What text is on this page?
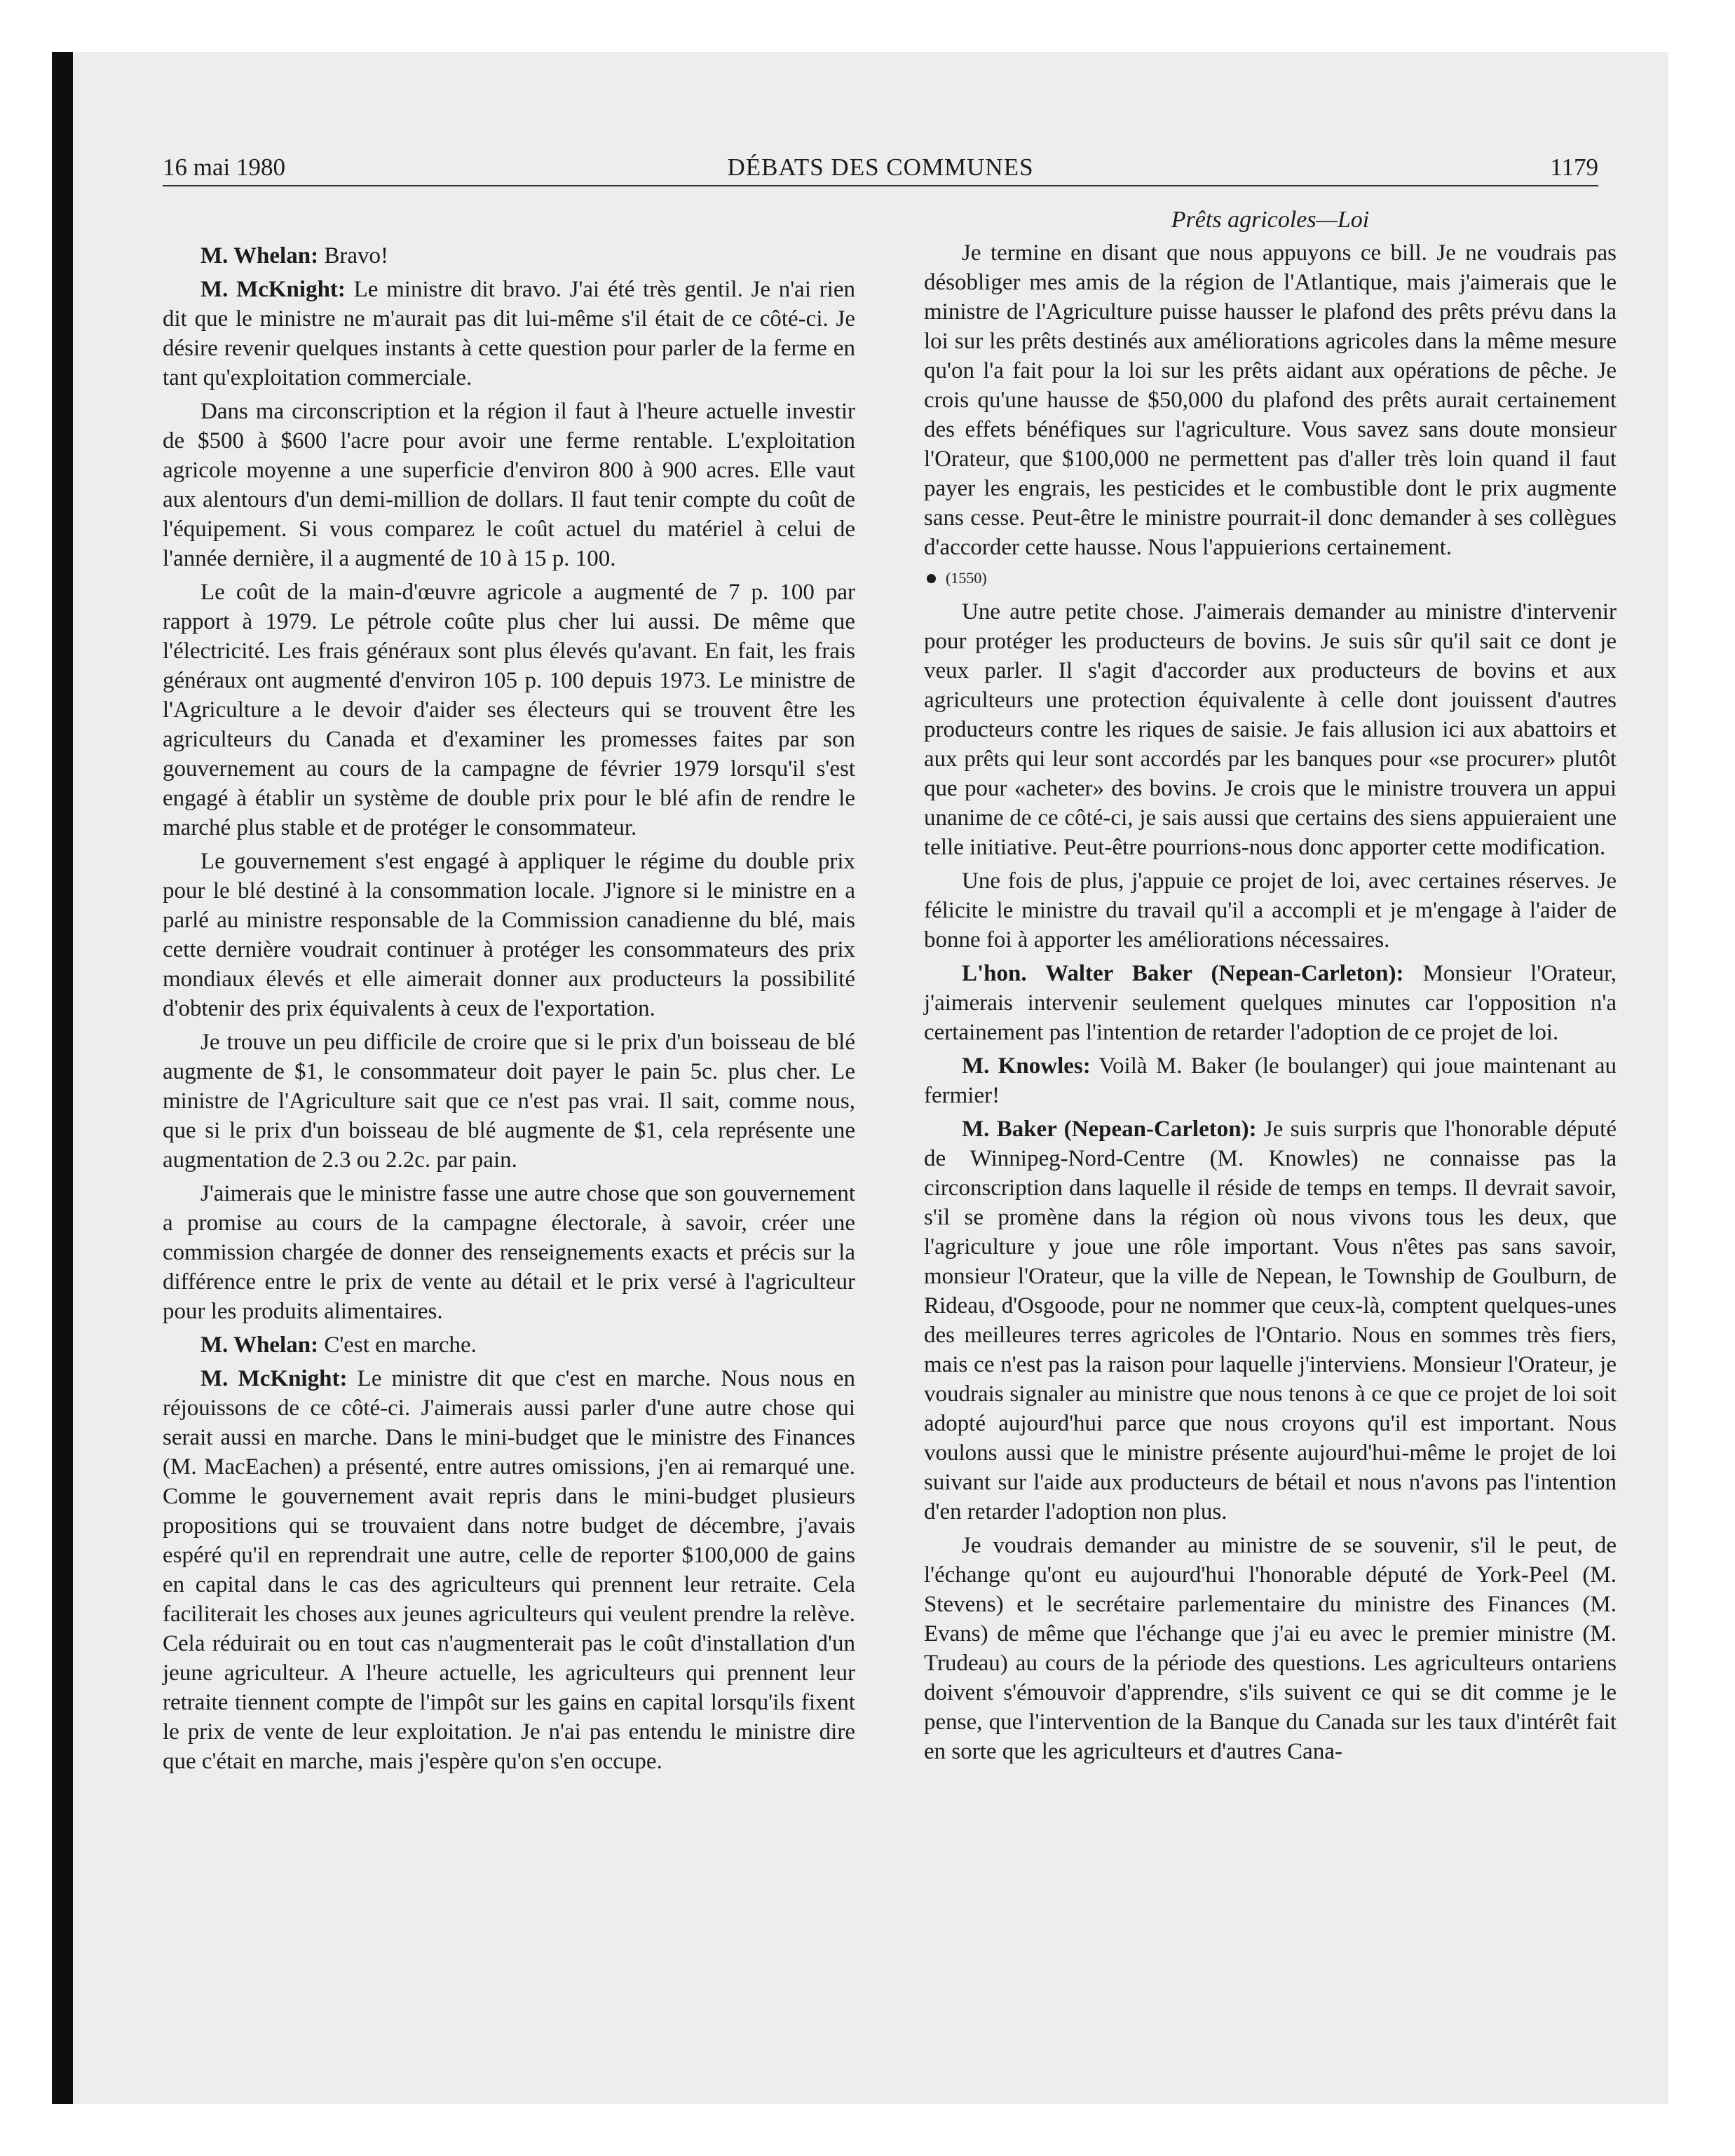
16 mai 1980	DÉBATS DES COMMUNES	1179

M. Whelan: Bravo!

M. McKnight: Le ministre dit bravo. J'ai été très gentil. Je n'ai rien dit que le ministre ne m'aurait pas dit lui-même s'il était de ce côté-ci. Je désire revenir quelques instants à cette question pour parler de la ferme en tant qu'exploitation commerciale.

Dans ma circonscription et la région il faut à l'heure actuelle investir de $500 à $600 l'acre pour avoir une ferme rentable. L'exploitation agricole moyenne a une superficie d'environ 800 à 900 acres. Elle vaut aux alentours d'un demi-million de dollars. Il faut tenir compte du coût de l'équipement. Si vous comparez le coût actuel du matériel à celui de l'année dernière, il a augmenté de 10 à 15 p. 100.

Le coût de la main-d'œuvre agricole a augmenté de 7 p. 100 par rapport à 1979. Le pétrole coûte plus cher lui aussi. De même que l'électricité. Les frais généraux sont plus élevés qu'avant. En fait, les frais généraux ont augmenté d'environ 105 p. 100 depuis 1973. Le ministre de l'Agriculture a le devoir d'aider ses électeurs qui se trouvent être les agriculteurs du Canada et d'examiner les promesses faites par son gouvernement au cours de la campagne de février 1979 lorsqu'il s'est engagé à établir un système de double prix pour le blé afin de rendre le marché plus stable et de protéger le consommateur.

Le gouvernement s'est engagé à appliquer le régime du double prix pour le blé destiné à la consommation locale. J'ignore si le ministre en a parlé au ministre responsable de la Commission canadienne du blé, mais cette dernière voudrait continuer à protéger les consommateurs des prix mondiaux élevés et elle aimerait donner aux producteurs la possibilité d'obtenir des prix équivalents à ceux de l'exportation.

Je trouve un peu difficile de croire que si le prix d'un boisseau de blé augmente de $1, le consommateur doit payer le pain 5c. plus cher. Le ministre de l'Agriculture sait que ce n'est pas vrai. Il sait, comme nous, que si le prix d'un boisseau de blé augmente de $1, cela représente une augmentation de 2.3 ou 2.2c. par pain.

J'aimerais que le ministre fasse une autre chose que son gouvernement a promise au cours de la campagne électorale, à savoir, créer une commission chargée de donner des renseignements exacts et précis sur la différence entre le prix de vente au détail et le prix versé à l'agriculteur pour les produits alimentaires.

M. Whelan: C'est en marche.

M. McKnight: Le ministre dit que c'est en marche. Nous nous en réjouissons de ce côté-ci. J'aimerais aussi parler d'une autre chose qui serait aussi en marche. Dans le mini-budget que le ministre des Finances (M. MacEachen) a présenté, entre autres omissions, j'en ai remarqué une. Comme le gouvernement avait repris dans le mini-budget plusieurs propositions qui se trouvaient dans notre budget de décembre, j'avais espéré qu'il en reprendrait une autre, celle de reporter $100,000 de gains en capital dans le cas des agriculteurs qui prennent leur retraite. Cela faciliterait les choses aux jeunes agriculteurs qui veulent prendre la relève. Cela réduirait ou en tout cas n'augmenterait pas le coût d'installation d'un jeune agriculteur. A l'heure actuelle, les agriculteurs qui prennent leur retraite tiennent compte de l'impôt sur les gains en capital lorsqu'ils fixent le prix de vente de leur exploitation. Je n'ai pas entendu le ministre dire que c'était en marche, mais j'espère qu'on s'en occupe.

Prêts agricoles—Loi

Je termine en disant que nous appuyons ce bill. Je ne voudrais pas désobliger mes amis de la région de l'Atlantique, mais j'aimerais que le ministre de l'Agriculture puisse hausser le plafond des prêts prévu dans la loi sur les prêts destinés aux améliorations agricoles dans la même mesure qu'on l'a fait pour la loi sur les prêts aidant aux opérations de pêche. Je crois qu'une hausse de $50,000 du plafond des prêts aurait certainement des effets bénéfiques sur l'agriculture. Vous savez sans doute monsieur l'Orateur, que $100,000 ne permettent pas d'aller très loin quand il faut payer les engrais, les pesticides et le combustible dont le prix augmente sans cesse. Peut-être le ministre pourrait-il donc demander à ses collègues d'accorder cette hausse. Nous l'appuierions certainement.

(1550)

Une autre petite chose. J'aimerais demander au ministre d'intervenir pour protéger les producteurs de bovins. Je suis sûr qu'il sait ce dont je veux parler. Il s'agit d'accorder aux producteurs de bovins et aux agriculteurs une protection équivalente à celle dont jouissent d'autres producteurs contre les riques de saisie. Je fais allusion ici aux abattoirs et aux prêts qui leur sont accordés par les banques pour «se procurer» plutôt que pour «acheter» des bovins. Je crois que le ministre trouvera un appui unanime de ce côté-ci, je sais aussi que certains des siens appuieraient une telle initiative. Peut-être pourrions-nous donc apporter cette modification.

Une fois de plus, j'appuie ce projet de loi, avec certaines réserves. Je félicite le ministre du travail qu'il a accompli et je m'engage à l'aider de bonne foi à apporter les améliorations nécessaires.

L'hon. Walter Baker (Nepean-Carleton): Monsieur l'Orateur, j'aimerais intervenir seulement quelques minutes car l'opposition n'a certainement pas l'intention de retarder l'adoption de ce projet de loi.

M. Knowles: Voilà M. Baker (le boulanger) qui joue maintenant au fermier!

M. Baker (Nepean-Carleton): Je suis surpris que l'honorable député de Winnipeg-Nord-Centre (M. Knowles) ne connaisse pas la circonscription dans laquelle il réside de temps en temps. Il devrait savoir, s'il se promène dans la région où nous vivons tous les deux, que l'agriculture y joue une rôle important. Vous n'êtes pas sans savoir, monsieur l'Orateur, que la ville de Nepean, le Township de Goulburn, de Rideau, d'Osgoode, pour ne nommer que ceux-là, comptent quelques-unes des meilleures terres agricoles de l'Ontario. Nous en sommes très fiers, mais ce n'est pas la raison pour laquelle j'interviens. Monsieur l'Orateur, je voudrais signaler au ministre que nous tenons à ce que ce projet de loi soit adopté aujourd'hui parce que nous croyons qu'il est important. Nous voulons aussi que le ministre présente aujourd'hui-même le projet de loi suivant sur l'aide aux producteurs de bétail et nous n'avons pas l'intention d'en retarder l'adoption non plus.

Je voudrais demander au ministre de se souvenir, s'il le peut, de l'échange qu'ont eu aujourd'hui l'honorable député de York-Peel (M. Stevens) et le secrétaire parlementaire du ministre des Finances (M. Evans) de même que l'échange que j'ai eu avec le premier ministre (M. Trudeau) au cours de la période des questions. Les agriculteurs ontariens doivent s'émouvoir d'apprendre, s'ils suivent ce qui se dit comme je le pense, que l'intervention de la Banque du Canada sur les taux d'intérêt fait en sorte que les agriculteurs et d'autres Cana-
